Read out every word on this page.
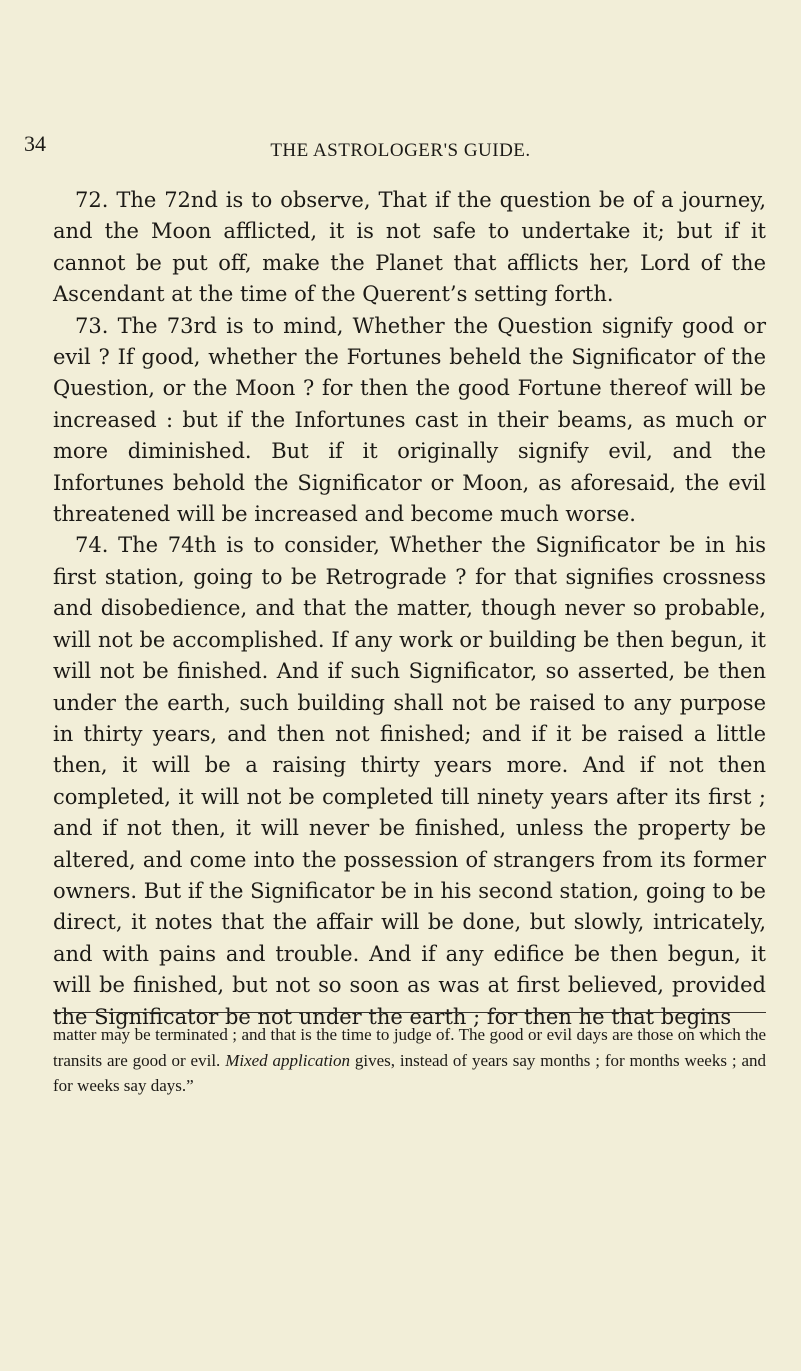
34	THE ASTROLOGER'S GUIDE.

72. The 72nd is to observe, That if the question be of a journey, and the Moon afflicted, it is not safe to undertake it; but if it cannot be put off, make the Planet that afflicts her, Lord of the Ascendant at the time of the Querent’s setting forth.

73. The 73rd is to mind, Whether the Question signify good or evil ? If good, whether the Fortunes beheld the Significator of the Question, or the Moon ? for then the good Fortune thereof will be increased : but if the Infortunes cast in their beams, as much or more diminished. But if it originally signify evil, and the Infortunes behold the Significator or Moon, as aforesaid, the evil threatened will be increased and become much worse.

74. The 74th is to consider, Whether the Significator be in his first station, going to be Retrograde ? for that signifies crossness and disobedience, and that the matter, though never so probable, will not be accomplished. If any work or building be then begun, it will not be finished. And if such Significator, so asserted, be then under the earth, such building shall not be raised to any purpose in thirty years, and then not finished; and if it be raised a little then, it will be a raising thirty years more. And if not then completed, it will not be completed till ninety years after its first ; and if not then, it will never be finished, unless the property be altered, and come into the possession of strangers from its former owners. But if the Significator be in his second station, going to be direct, it notes that the affair will be done, but slowly, intricately, and with pains and trouble. And if any edifice be then begun, it will be finished, but not so soon as was at first believed, provided the Significator be not under the earth ; for then he that begins

matter may be terminated ; and that is the time to judge of. The good or evil days are those on which the transits are good or evil. Mixed application gives, instead of years say months ; for months weeks ; and for weeks say days.”
